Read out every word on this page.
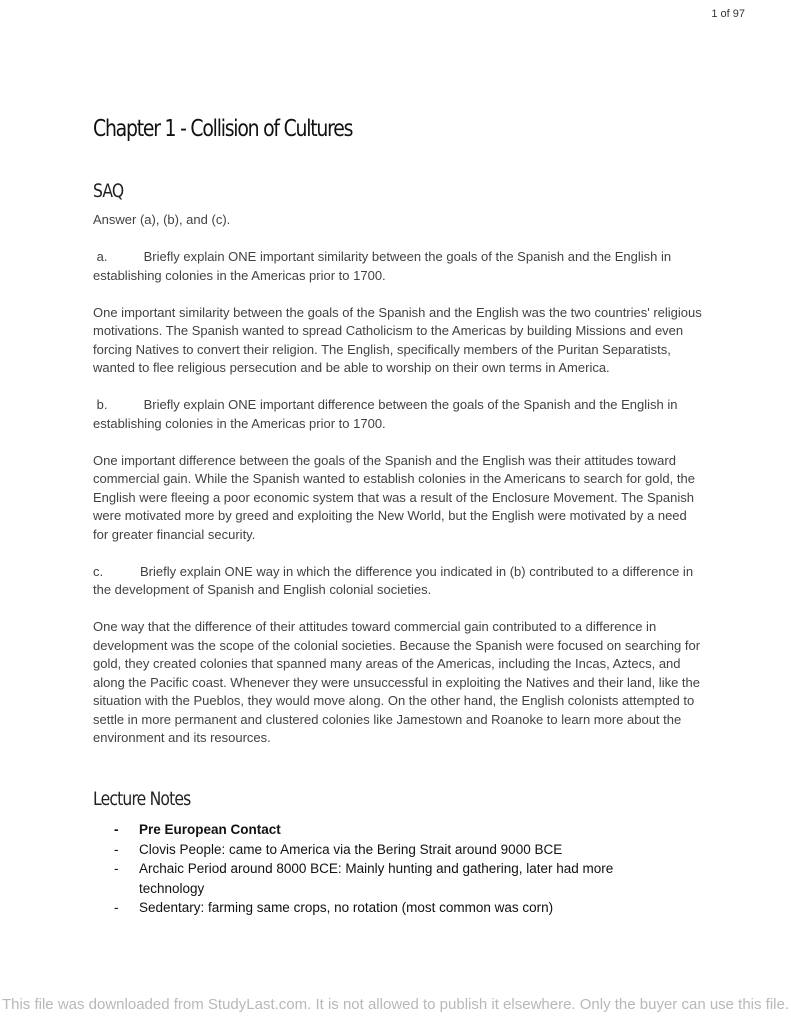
1 of 97
Chapter 1 - Collision of Cultures
SAQ

Answer (a), (b), and (c).

a.	Briefly explain ONE important similarity between the goals of the Spanish and the English in establishing colonies in the Americas prior to 1700.

One important similarity between the goals of the Spanish and the English was the two countries' religious motivations. The Spanish wanted to spread Catholicism to the Americas by building Missions and even forcing Natives to convert their religion. The English, specifically members of the Puritan Separatists, wanted to flee religious persecution and be able to worship on their own terms in America.

b.	Briefly explain ONE important difference between the goals of the Spanish and the English in establishing colonies in the Americas prior to 1700.

One important difference between the goals of the Spanish and the English was their attitudes toward commercial gain. While the Spanish wanted to establish colonies in the Americans to search for gold, the English were fleeing a poor economic system that was a result of the Enclosure Movement. The Spanish were motivated more by greed and exploiting the New World, but the English were motivated by a need for greater financial security.

c.	Briefly explain ONE way in which the difference you indicated in (b) contributed to a difference in the development of Spanish and English colonial societies.

One way that the difference of their attitudes toward commercial gain contributed to a difference in development was the scope of the colonial societies. Because the Spanish were focused on searching for gold, they created colonies that spanned many areas of the Americas, including the Incas, Aztecs, and along the Pacific coast. Whenever they were unsuccessful in exploiting the Natives and their land, like the situation with the Pueblos, they would move along. On the other hand, the English colonists attempted to settle in more permanent and clustered colonies like Jamestown and Roanoke to learn more about the environment and its resources.

Lecture Notes
- Pre European Contact
- Clovis People: came to America via the Bering Strait around 9000 BCE
- Archaic Period around 8000 BCE: Mainly hunting and gathering, later had more technology
- Sedentary: farming same crops, no rotation (most common was corn)
This file was downloaded from StudyLast.com. It is not allowed to publish it elsewhere. Only the buyer can use this file.
